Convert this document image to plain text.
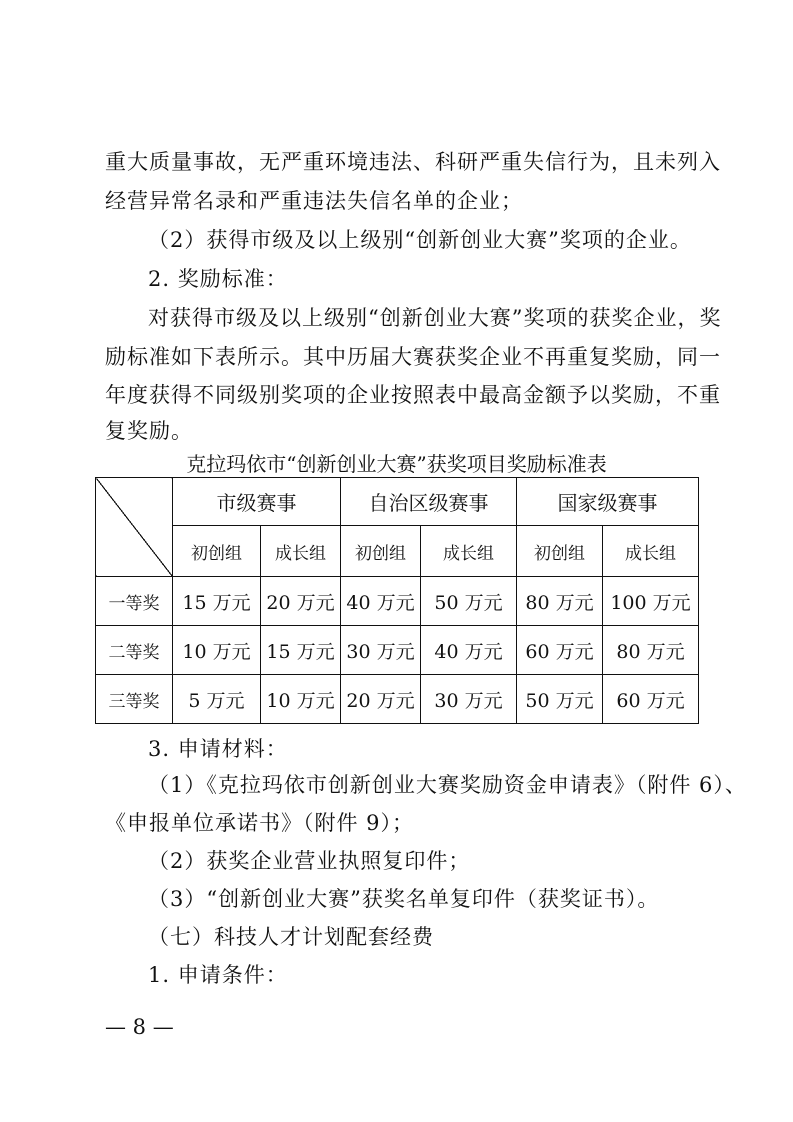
重大质量事故，无严重环境违法、科研严重失信行为，且未列入
经营异常名录和严重违法失信名单的企业；
（2）获得市级及以上级别“创新创业大赛”奖项的企业。
2. 奖励标准：
对获得市级及以上级别“创新创业大赛”奖项的获奖企业，奖
励标准如下表所示。其中历届大赛获奖企业不再重复奖励，同一
年度获得不同级别奖项的企业按照表中最高金额予以奖励，不重
复奖励。
克拉玛依市“创新创业大赛”获奖项目奖励标准表
	市级赛事		自治区级赛事		国家级赛事	
	初创组	成长组	初创组	成长组	初创组	成长组
一等奖	15 万元	20 万元	40 万元	50 万元	80 万元	100 万元
二等奖	10 万元	15 万元	30 万元	40 万元	60 万元	80 万元
三等奖	5 万元	10 万元	20 万元	30 万元	50 万元	60 万元
3. 申请材料：
（1）《克拉玛依市创新创业大赛奖励资金申请表》（附件 6）、
《申报单位承诺书》（附件 9）；
（2）获奖企业营业执照复印件；
（3）“创新创业大赛”获奖名单复印件（获奖证书）。
（七）科技人才计划配套经费
1. 申请条件：
— 8 —
